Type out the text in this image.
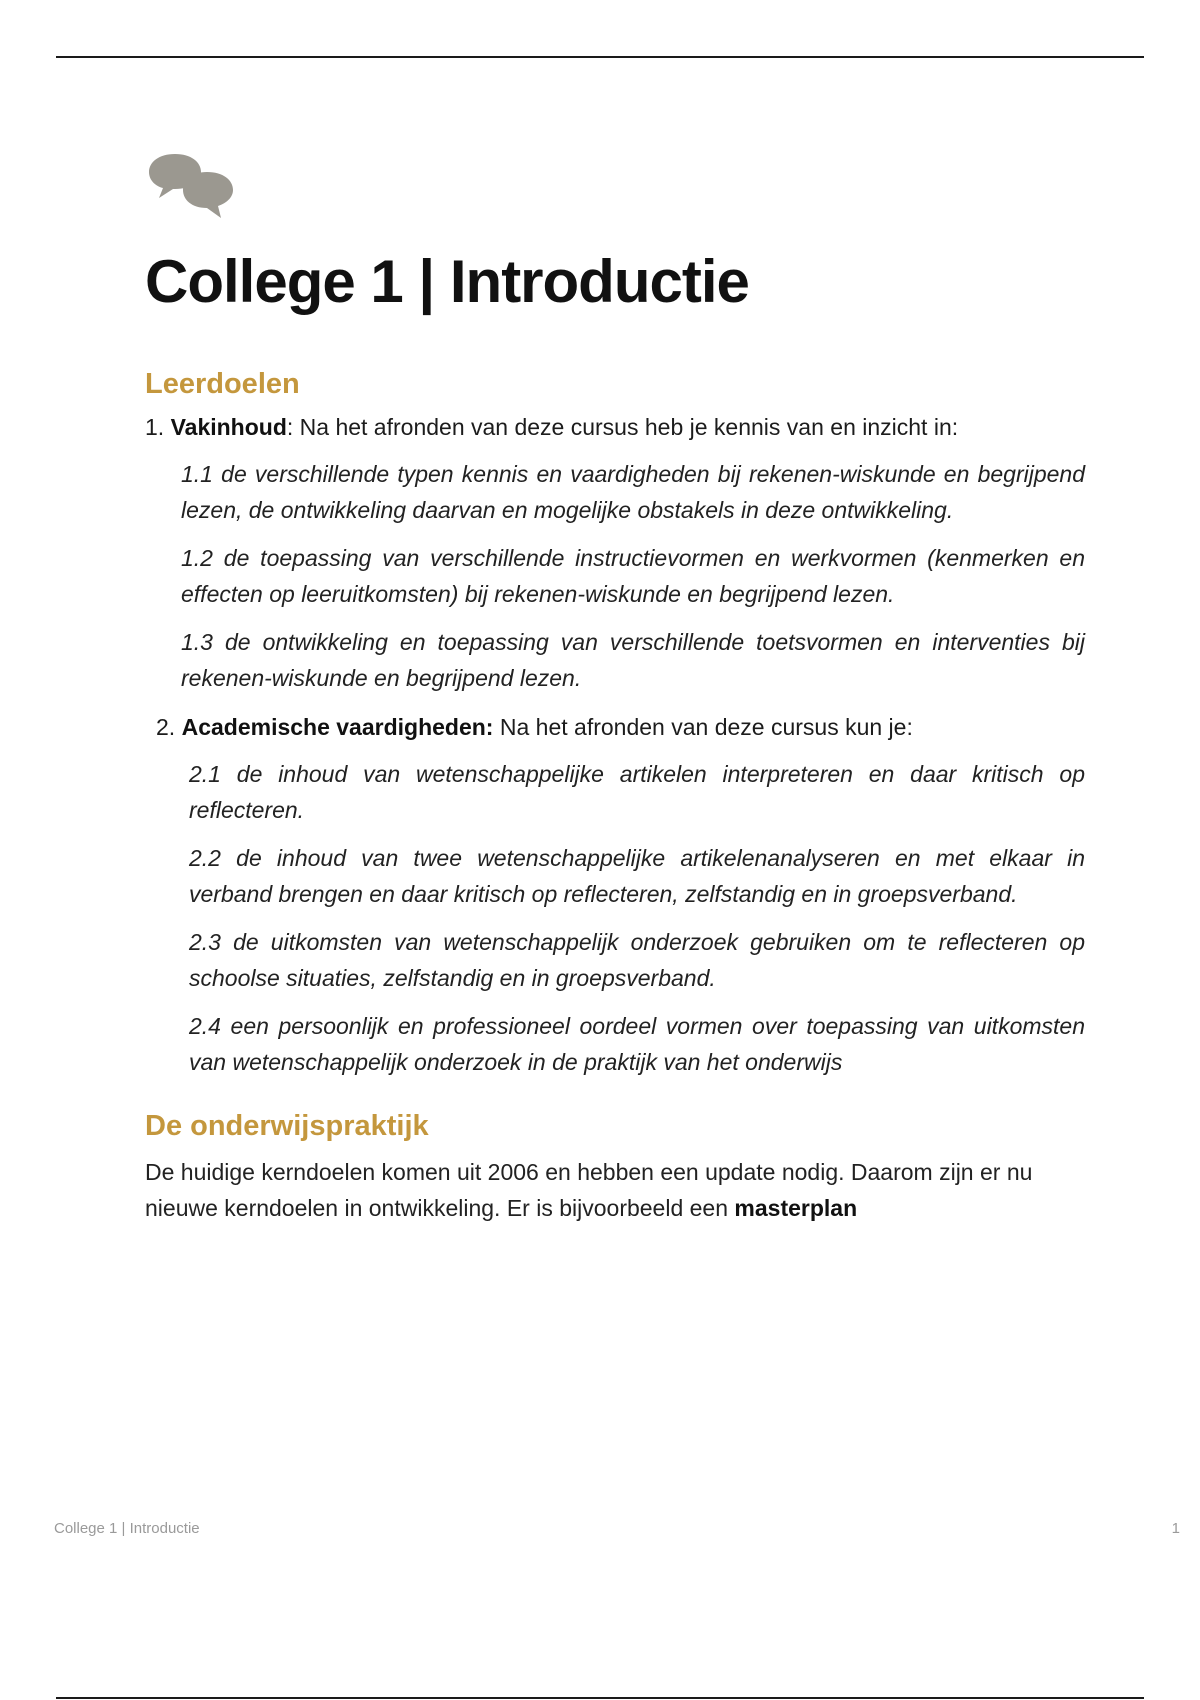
College 1 | Introductie
Leerdoelen

1. Vakinhoud: Na het afronden van deze cursus heb je kennis van en inzicht in:

1.1 de verschillende typen kennis en vaardigheden bij rekenen-wiskunde en begrijpend lezen, de ontwikkeling daarvan en mogelijke obstakels in deze ontwikkeling.

1.2 de toepassing van verschillende instructievormen en werkvormen (kenmerken en effecten op leeruitkomsten) bij rekenen-wiskunde en begrijpend lezen.

1.3 de ontwikkeling en toepassing van verschillende toetsvormen en interventies bij rekenen-wiskunde en begrijpend lezen.

2. Academische vaardigheden: Na het afronden van deze cursus kun je:

2.1 de inhoud van wetenschappelijke artikelen interpreteren en daar kritisch op reflecteren.

2.2 de inhoud van twee wetenschappelijke artikelenanalyseren en met elkaar in verband brengen en daar kritisch op reflecteren, zelfstandig en in groepsverband.

2.3 de uitkomsten van wetenschappelijk onderzoek gebruiken om te reflecteren op schoolse situaties, zelfstandig en in groepsverband.

2.4 een persoonlijk en professioneel oordeel vormen over toepassing van uitkomsten van wetenschappelijk onderzoek in de praktijk van het onderwijs

De onderwijspraktijk

De huidige kerndoelen komen uit 2006 en hebben een update nodig. Daarom zijn er nu nieuwe kerndoelen in ontwikkeling. Er is bijvoorbeeld een masterplan

College 1 | Introductie	1
